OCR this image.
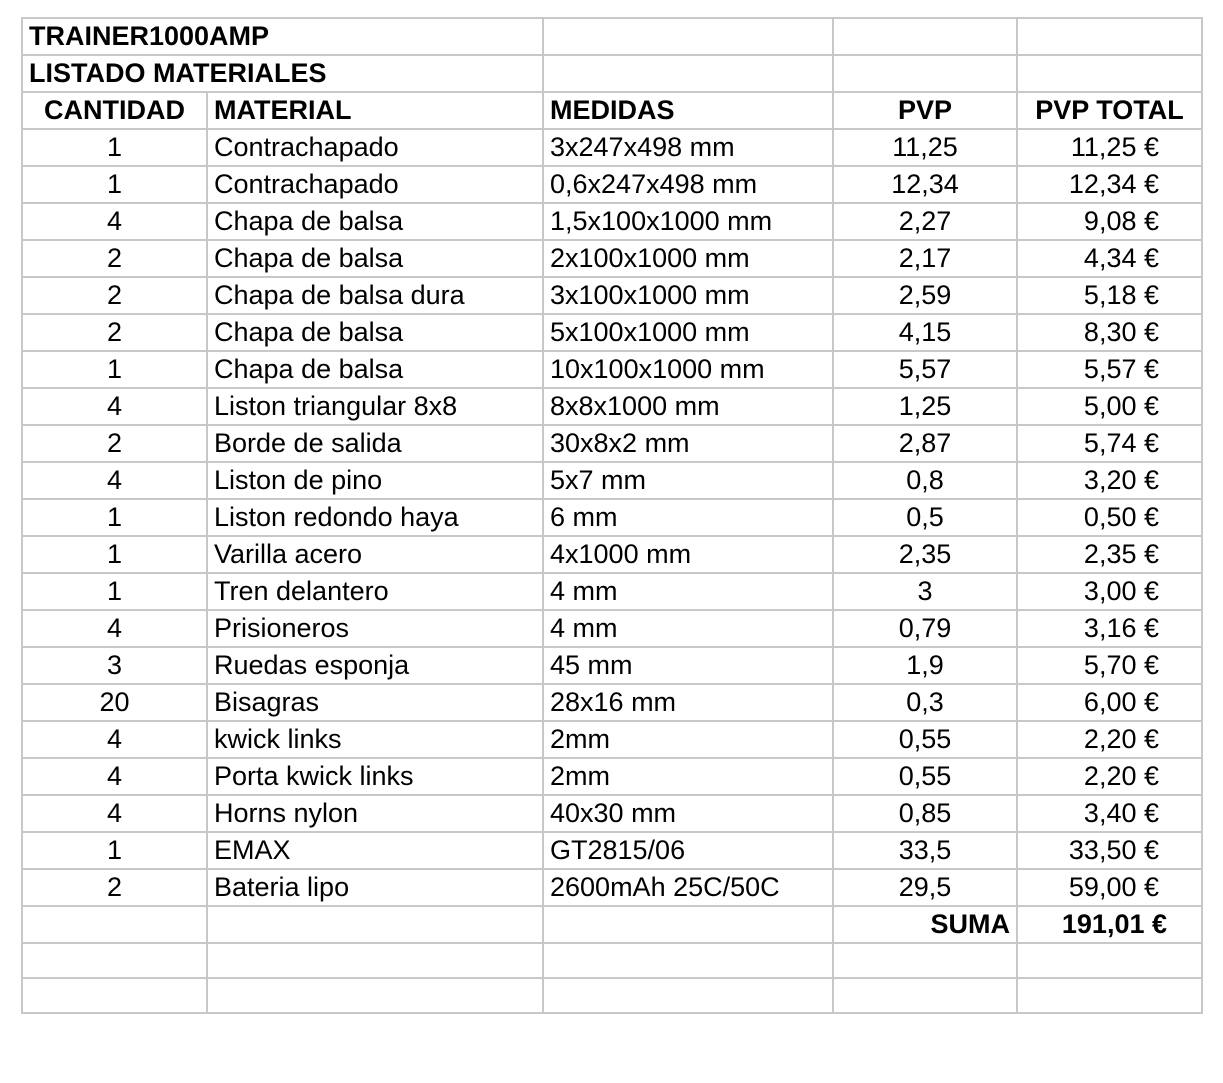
TRAINER1000AMP				
LISTADO MATERIALES				
CANTIDAD	MATERIAL	MEDIDAS	PVP	PVP TOTAL
1	Contrachapado	3x247x498 mm	11,25	11,25 €
1	Contrachapado	0,6x247x498 mm	12,34	12,34 €
4	Chapa de balsa	1,5x100x1000 mm	2,27	9,08 €
2	Chapa de balsa	2x100x1000 mm	2,17	4,34 €
2	Chapa de balsa dura	3x100x1000 mm	2,59	5,18 €
2	Chapa de balsa	5x100x1000 mm	4,15	8,30 €
1	Chapa de balsa	10x100x1000 mm	5,57	5,57 €
4	Liston triangular 8x8	8x8x1000 mm	1,25	5,00 €
2	Borde de salida	30x8x2 mm	2,87	5,74 €
4	Liston de pino	5x7 mm	0,8	3,20 €
1	Liston redondo haya	6 mm	0,5	0,50 €
1	Varilla acero	4x1000 mm	2,35	2,35 €
1	Tren delantero	4 mm	3	3,00 €
4	Prisioneros	4 mm	0,79	3,16 €
3	Ruedas esponja	45 mm	1,9	5,70 €
20	Bisagras	28x16 mm	0,3	6,00 €
4	kwick links	2mm	0,55	2,20 €
4	Porta kwick links	2mm	0,55	2,20 €
4	Horns nylon	40x30 mm	0,85	3,40 €
1	EMAX	GT2815/06	33,5	33,50 €
2	Bateria lipo	2600mAh 25C/50C	29,5	59,00 €
			SUMA	191,01 €
